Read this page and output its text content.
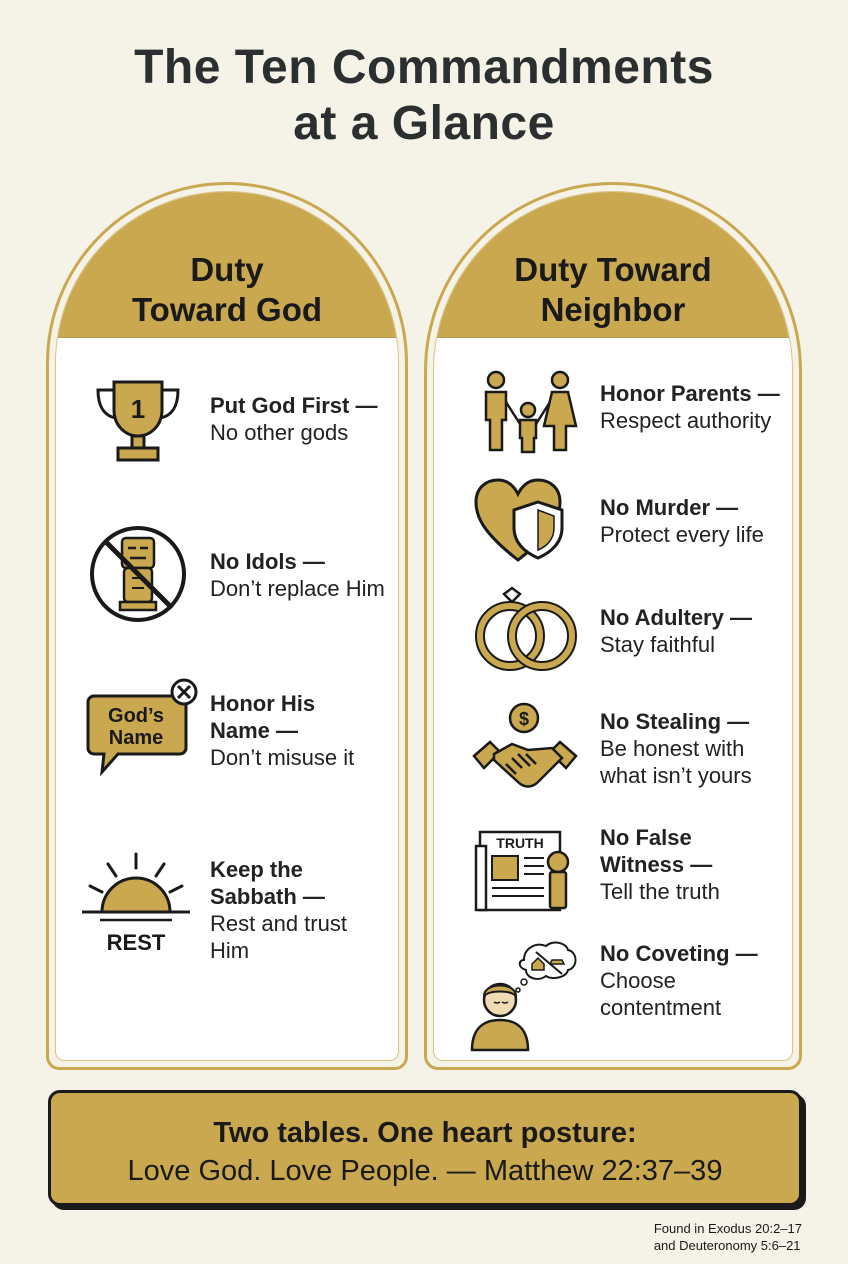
The Ten Commandments
at a Glance
Duty
Toward God
1	Put God First —
No other gods
No Idols —
Don’t replace Him
God’s
Name
Honor His
Name —
Don’t misuse it
REST
Keep the
Sabbath —
Rest and trust
Him
Duty Toward
Neighbor
Honor Parents —
Respect authority
No Murder —
Protect every life
No Adultery —
Stay faithful
$	No Stealing —
Be honest with
what isn’t yours
TRUTH	No False
Witness —
Tell the truth
No Coveting —
Choose
contentment
Two tables. One heart posture:
Love God. Love People. — Matthew 22:37–39
Found in Exodus 20:2–17
and Deuteronomy 5:6–21
